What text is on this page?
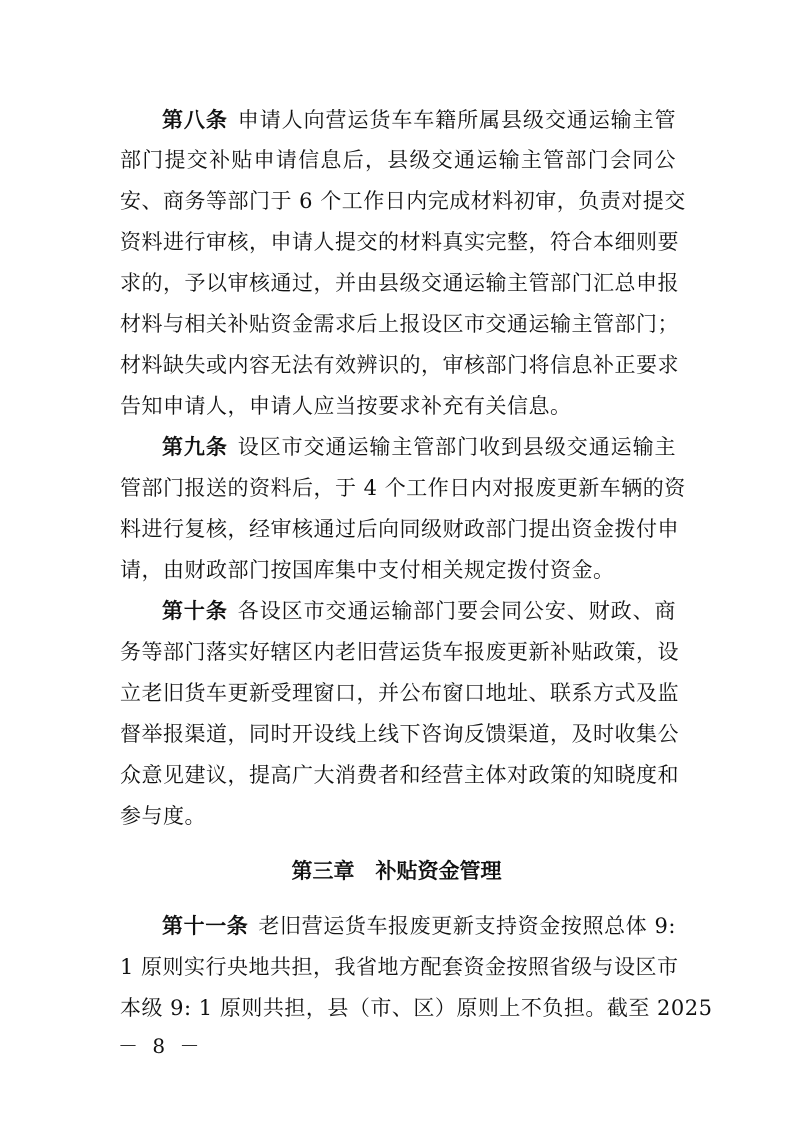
第八条 申请人向营运货车车籍所属县级交通运输主管
部门提交补贴申请信息后，县级交通运输主管部门会同公
安、商务等部门于 6 个工作日内完成材料初审，负责对提交
资料进行审核，申请人提交的材料真实完整，符合本细则要
求的，予以审核通过，并由县级交通运输主管部门汇总申报
材料与相关补贴资金需求后上报设区市交通运输主管部门；
材料缺失或内容无法有效辨识的，审核部门将信息补正要求
告知申请人，申请人应当按要求补充有关信息。
第九条 设区市交通运输主管部门收到县级交通运输主
管部门报送的资料后，于 4 个工作日内对报废更新车辆的资
料进行复核，经审核通过后向同级财政部门提出资金拨付申
请，由财政部门按国库集中支付相关规定拨付资金。
第十条 各设区市交通运输部门要会同公安、财政、商
务等部门落实好辖区内老旧营运货车报废更新补贴政策，设
立老旧货车更新受理窗口，并公布窗口地址、联系方式及监
督举报渠道，同时开设线上线下咨询反馈渠道，及时收集公
众意见建议，提高广大消费者和经营主体对政策的知晓度和
参与度。
第三章　补贴资金管理
第十一条 老旧营运货车报废更新支持资金按照总体 9:
1 原则实行央地共担，我省地方配套资金按照省级与设区市
本级 9: 1 原则共担，县（市、区）原则上不负担。截至 2025
－ 8 －
